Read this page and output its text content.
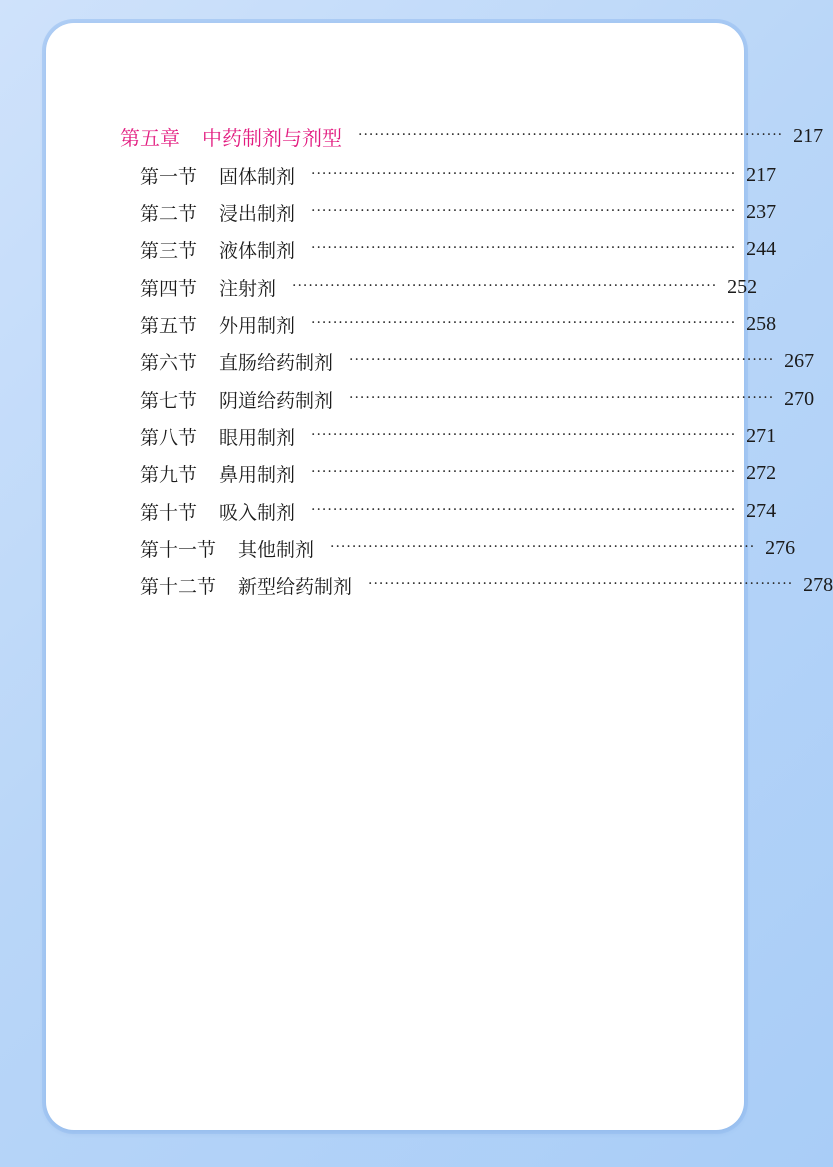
第五章 中药制剂与剂型 ·············································································· 217
第一节 固体制剂 ·············································································· 217
第二节 浸出制剂 ·············································································· 237
第三节 液体制剂 ·············································································· 244
第四节 注射剂 ·············································································· 252
第五节 外用制剂 ·············································································· 258
第六节 直肠给药制剂 ·············································································· 267
第七节 阴道给药制剂 ·············································································· 270
第八节 眼用制剂 ·············································································· 271
第九节 鼻用制剂 ·············································································· 272
第十节 吸入制剂 ·············································································· 274
第十一节 其他制剂 ·············································································· 276
第十二节 新型给药制剂 ·············································································· 278
